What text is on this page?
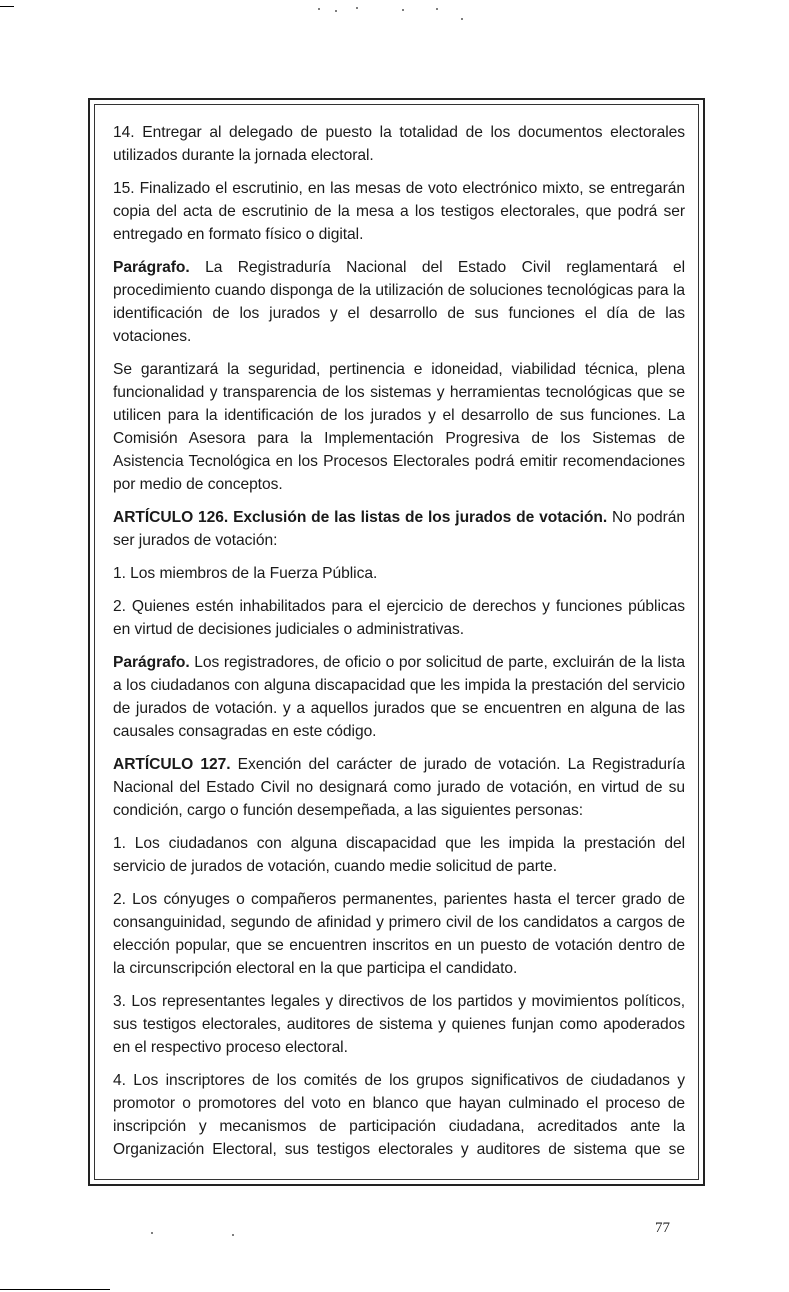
14. Entregar al delegado de puesto la totalidad de los documentos electorales utilizados durante la jornada electoral.

15. Finalizado el escrutinio, en las mesas de voto electrónico mixto, se entregarán copia del acta de escrutinio de la mesa a los testigos electorales, que podrá ser entregado en formato físico o digital.

Parágrafo. La Registraduría Nacional del Estado Civil reglamentará el procedimiento cuando disponga de la utilización de soluciones tecnológicas para la identificación de los jurados y el desarrollo de sus funciones el día de las votaciones.

Se garantizará la seguridad, pertinencia e idoneidad, viabilidad técnica, plena funcionalidad y transparencia de los sistemas y herramientas tecnológicas que se utilicen para la identificación de los jurados y el desarrollo de sus funciones. La Comisión Asesora para la Implementación Progresiva de los Sistemas de Asistencia Tecnológica en los Procesos Electorales podrá emitir recomendaciones por medio de conceptos.

ARTÍCULO 126. Exclusión de las listas de los jurados de votación. No podrán ser jurados de votación:

1. Los miembros de la Fuerza Pública.

2. Quienes estén inhabilitados para el ejercicio de derechos y funciones públicas en virtud de decisiones judiciales o administrativas.

Parágrafo. Los registradores, de oficio o por solicitud de parte, excluirán de la lista a los ciudadanos con alguna discapacidad que les impida la prestación del servicio de jurados de votación. y a aquellos jurados que se encuentren en alguna de las causales consagradas en este código.

ARTÍCULO 127. Exención del carácter de jurado de votación. La Registraduría Nacional del Estado Civil no designará como jurado de votación, en virtud de su condición, cargo o función desempeñada, a las siguientes personas:

1. Los ciudadanos con alguna discapacidad que les impida la prestación del servicio de jurados de votación, cuando medie solicitud de parte.

2. Los cónyuges o compañeros permanentes, parientes hasta el tercer grado de consanguinidad, segundo de afinidad y primero civil de los candidatos a cargos de elección popular, que se encuentren inscritos en un puesto de votación dentro de la circunscripción electoral en la que participa el candidato.

3. Los representantes legales y directivos de los partidos y movimientos políticos, sus testigos electorales, auditores de sistema y quienes funjan como apoderados en el respectivo proceso electoral.

4. Los inscriptores de los comités de los grupos significativos de ciudadanos y promotor o promotores del voto en blanco que hayan culminado el proceso de inscripción y mecanismos de participación ciudadana, acreditados ante la Organización Electoral, sus testigos electorales y auditores de sistema que se

77
